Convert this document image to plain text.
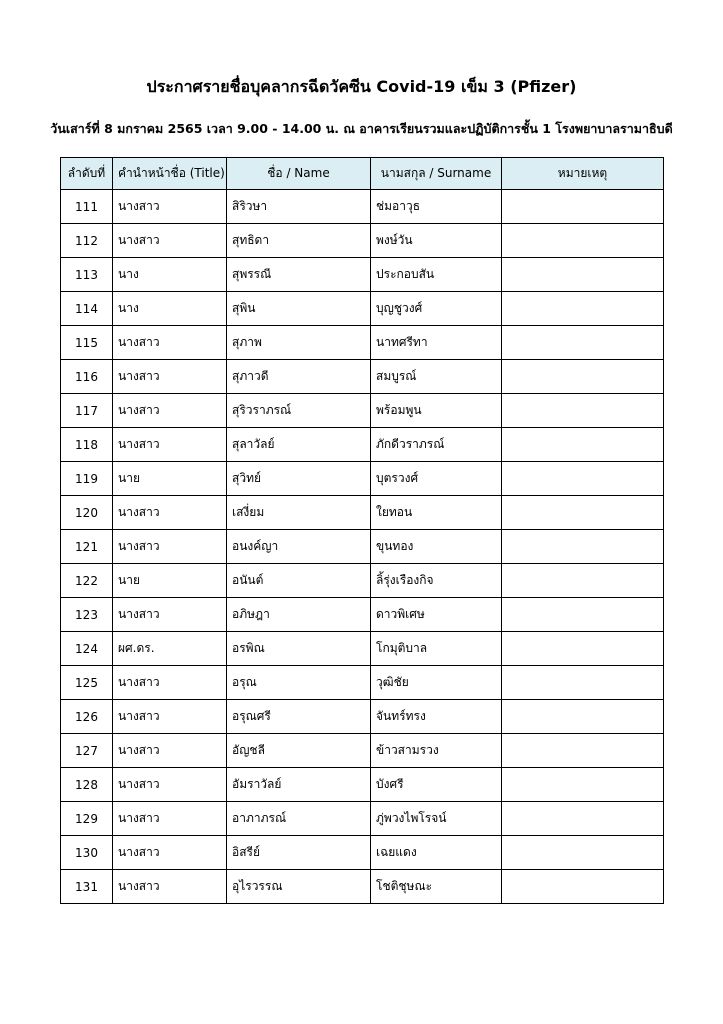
ประกาศรายชื่อบุคลากรฉีดวัคซีน Covid-19 เข็ม 3 (Pfizer)
วันเสาร์ที่ 8 มกราคม 2565 เวลา 9.00 - 14.00 น. ณ อาคารเรียนรวมและปฏิบัติการชั้น 1 โรงพยาบาลรามาธิบดี
ลำดับที่	คำนำหน้าชื่อ (Title)	ชื่อ / Name	นามสกุล / Surname	หมายเหตุ
111	นางสาว	สิริวษา	ช่มอาวุธ	
112	นางสาว	สุทธิดา	พงษ์วัน	
113	นาง	สุพรรณี	ประกอบสัน	
114	นาง	สุพิน	บุญชูวงศ์	
115	นางสาว	สุภาพ	นาทศรีทา	
116	นางสาว	สุภาวดี	สมบูรณ์	
117	นางสาว	สุริวราภรณ์	พร้อมพูน	
118	นางสาว	สุลาวัลย์	ภักดีวราภรณ์	
119	นาย	สุวิทย์	บุตรวงศ์	
120	นางสาว	เสงี่ยม	ใยทอน	
121	นางสาว	อนงค์ญา	ขุนทอง	
122	นาย	อนันต์	ลิ้รุ่งเรืองกิจ	
123	นางสาว	อภิษฎา	ดาวพิเศษ	
124	ผศ.ดร.	อรพิณ	โกมุติบาล	
125	นางสาว	อรุณ	วุฒิชัย	
126	นางสาว	อรุณศรี	จันทร์ทรง	
127	นางสาว	อัญชลี	ข้าวสามรวง	
128	นางสาว	อัมราวัลย์	บังศรี	
129	นางสาว	อาภาภรณ์	ภู่พวงไพโรจน์	
130	นางสาว	อิสรีย์	เฉยแดง	
131	นางสาว	อุไรวรรณ	โชติชุษณะ	
